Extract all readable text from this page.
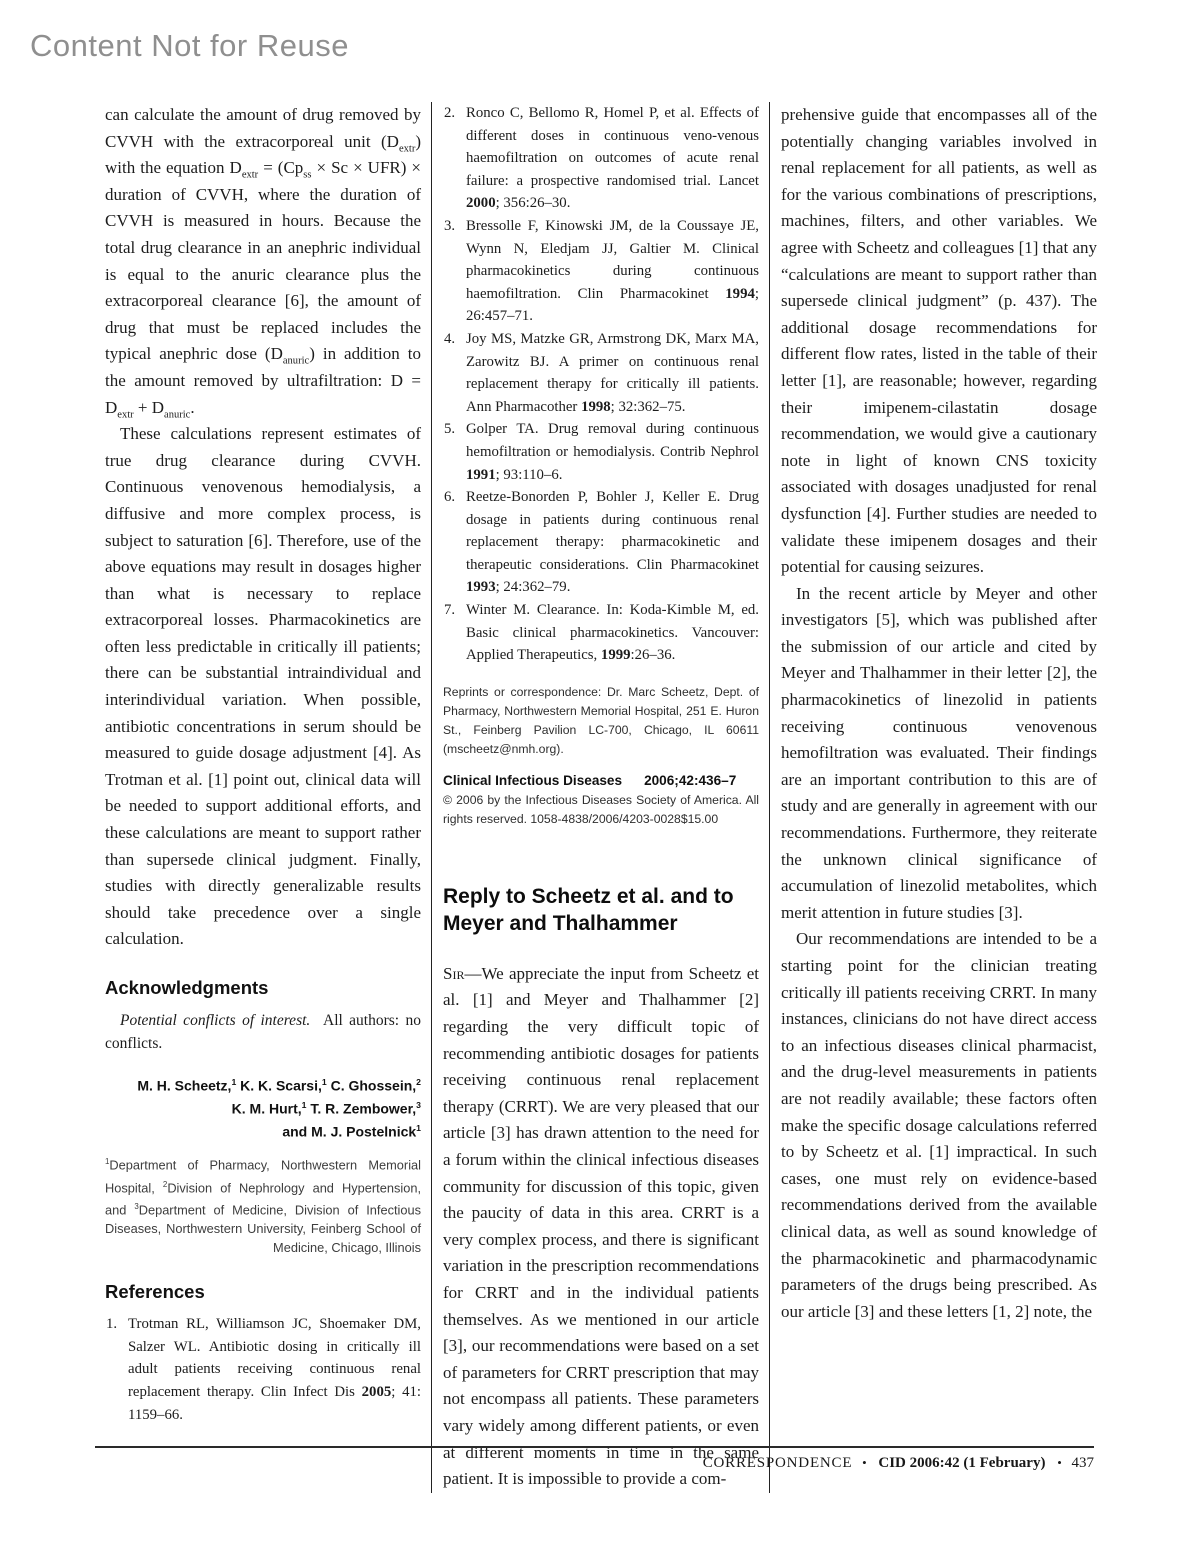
Content Not for Reuse

can calculate the amount of drug removed by CVVH with the extracorporeal unit $(D_{extr})$ with the equation $D_{extr} = (Cp_{ss} \times Sc \times UFR)$ × duration of CVVH, where the duration of CVVH is measured in hours. Because the total drug clearance in an anephric individual is equal to the anuric clearance plus the extracorporeal clearance [6], the amount of drug that must be replaced includes the typical anephric dose $(D_{anuric})$ in addition to the amount removed by ultrafiltration: $D = D_{extr} + D_{anuric}$.

These calculations represent estimates of true drug clearance during CVVH. Continuous venovenous hemodialysis, a diffusive and more complex process, is subject to saturation [6]. Therefore, use of the above equations may result in dosages higher than what is necessary to replace extracorporeal losses. Pharmacokinetics are often less predictable in critically ill patients; there can be substantial intraindividual and interindividual variation. When possible, antibiotic concentrations in serum should be measured to guide dosage adjustment [4]. As Trotman et al. [1] point out, clinical data will be needed to support additional efforts, and these calculations are meant to support rather than supersede clinical judgment. Finally, studies with directly generalizable results should take precedence over a single calculation.

Acknowledgments

Potential conflicts of interest.  All authors: no conflicts.

M. H. Scheetz,$^1$ K. K. Scarsi,$^1$ C. Ghossein,$^2$
K. M. Hurt,$^1$ T. R. Zembower,$^3$
and M. J. Postelnick$^1$

$^1$Department of Pharmacy, Northwestern Memorial Hospital, $^2$Division of Nephrology and Hypertension, and $^3$Department of Medicine, Division of Infectious Diseases, Northwestern University, Feinberg School of Medicine, Chicago, Illinois

References
1. Trotman RL, Williamson JC, Shoemaker DM, Salzer WL. Antibiotic dosing in critically ill adult patients receiving continuous renal replacement therapy. Clin Infect Dis 2005; 41: 1159–66.
2. Ronco C, Bellomo R, Homel P, et al. Effects of different doses in continuous veno-venous haemofiltration on outcomes of acute renal failure: a prospective randomised trial. Lancet 2000; 356:26–30.
3. Bressolle F, Kinowski JM, de la Coussaye JE, Wynn N, Eledjam JJ, Galtier M. Clinical pharmacokinetics during continuous haemofiltration. Clin Pharmacokinet 1994; 26:457–71.
4. Joy MS, Matzke GR, Armstrong DK, Marx MA, Zarowitz BJ. A primer on continuous renal replacement therapy for critically ill patients. Ann Pharmacother 1998; 32:362–75.
5. Golper TA. Drug removal during continuous hemofiltration or hemodialysis. Contrib Nephrol 1991; 93:110–6.
6. Reetze-Bonorden P, Bohler J, Keller E. Drug dosage in patients during continuous renal replacement therapy: pharmacokinetic and therapeutic considerations. Clin Pharmacokinet 1993; 24:362–79.
7. Winter M. Clearance. In: Koda-Kimble M, ed. Basic clinical pharmacokinetics. Vancouver: Applied Therapeutics, 1999:26–36.

Reprints or correspondence: Dr. Marc Scheetz, Dept. of Pharmacy, Northwestern Memorial Hospital, 251 E. Huron St., Feinberg Pavilion LC-700, Chicago, IL 60611 (mscheetz@nmh.org).

Clinical Infectious Diseases 2006;42:436–7

© 2006 by the Infectious Diseases Society of America. All rights reserved. 1058-4838/2006/4203-0028$15.00

Reply to Scheetz et al. and to Meyer and Thalhammer

Sir—We appreciate the input from Scheetz et al. [1] and Meyer and Thalhammer [2] regarding the very difficult topic of recommending antibiotic dosages for patients receiving continuous renal replacement therapy (CRRT). We are very pleased that our article [3] has drawn attention to the need for a forum within the clinical infectious diseases community for discussion of this topic, given the paucity of data in this area. CRRT is a very complex process, and there is significant variation in the prescription recommendations for CRRT and in the individual patients themselves. As we mentioned in our article [3], our recommendations were based on a set of parameters for CRRT prescription that may not encompass all patients. These parameters vary widely among different patients, or even at different moments in time in the same patient. It is impossible to provide a com-

prehensive guide that encompasses all of the potentially changing variables involved in renal replacement for all patients, as well as for the various combinations of prescriptions, machines, filters, and other variables. We agree with Scheetz and colleagues [1] that any “calculations are meant to support rather than supersede clinical judgment” (p. 437). The additional dosage recommendations for different flow rates, listed in the table of their letter [1], are reasonable; however, regarding their imipenem-cilastatin dosage recommendation, we would give a cautionary note in light of known CNS toxicity associated with dosages unadjusted for renal dysfunction [4]. Further studies are needed to validate these imipenem dosages and their potential for causing seizures.

In the recent article by Meyer and other investigators [5], which was published after the submission of our article and cited by Meyer and Thalhammer in their letter [2], the pharmacokinetics of linezolid in patients receiving continuous venovenous hemofiltration was evaluated. Their findings are an important contribution to this are of study and are generally in agreement with our recommendations. Furthermore, they reiterate the unknown clinical significance of accumulation of linezolid metabolites, which merit attention in future studies [3].

Our recommendations are intended to be a starting point for the clinician treating critically ill patients receiving CRRT. In many instances, clinicians do not have direct access to an infectious diseases clinical pharmacist, and the drug-level measurements in patients are not readily available; these factors often make the specific dosage calculations referred to by Scheetz et al. [1] impractical. In such cases, one must rely on evidence-based recommendations derived from the available clinical data, as well as sound knowledge of the pharmacokinetic and pharmacodynamic parameters of the drugs being prescribed. As our article [3] and these letters [1, 2] note, the

CORRESPONDENCE • CID 2006:42 (1 February) • 437
